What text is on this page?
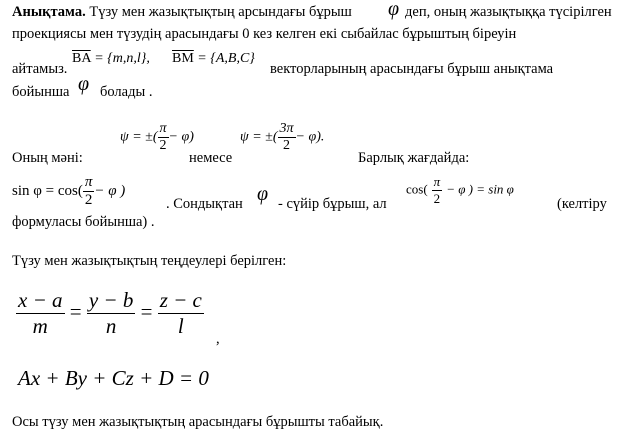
Анықтама. Түзу мен жазықтықтың арсындағы бұрыш φ деп, оның жазықтыққа түсірілген
проекциясы мен түзудің арасындағы 0 кез келген екі сыбайлас бұрыштың біреуін
айтамыз.
$\overline{BA} = \{m,n,l\}$, $\overline{BM} = \{A,B,C\}$
векторларының арасындағы бұрыш анықтама
бойынша φ болады .
Оның мәні:
ψ = ±( $\frac{\pi}{2} - \varphi$)
немесе
ψ = ±( $\frac{3\pi}{2} - \varphi$).
Барлық жағдайда:
$\sin \varphi = \cos( \frac{\pi}{2} - \varphi$ )
. Сондықтан φ - сүйір бұрыш, ал
$\cos( \frac{\pi}{2} - \varphi$ ) = sin φ
(келтіру
формуласы бойынша) .
Түзу мен жазықтықтың теңдеулері берілген:
$\frac{x - a}{m} = \frac{y - b}{n} = \frac{z - c}{l}$ ,
Ax + By + Cz + D = 0
Осы түзу мен жазықтықтың арасындағы бұрышты табайық.
